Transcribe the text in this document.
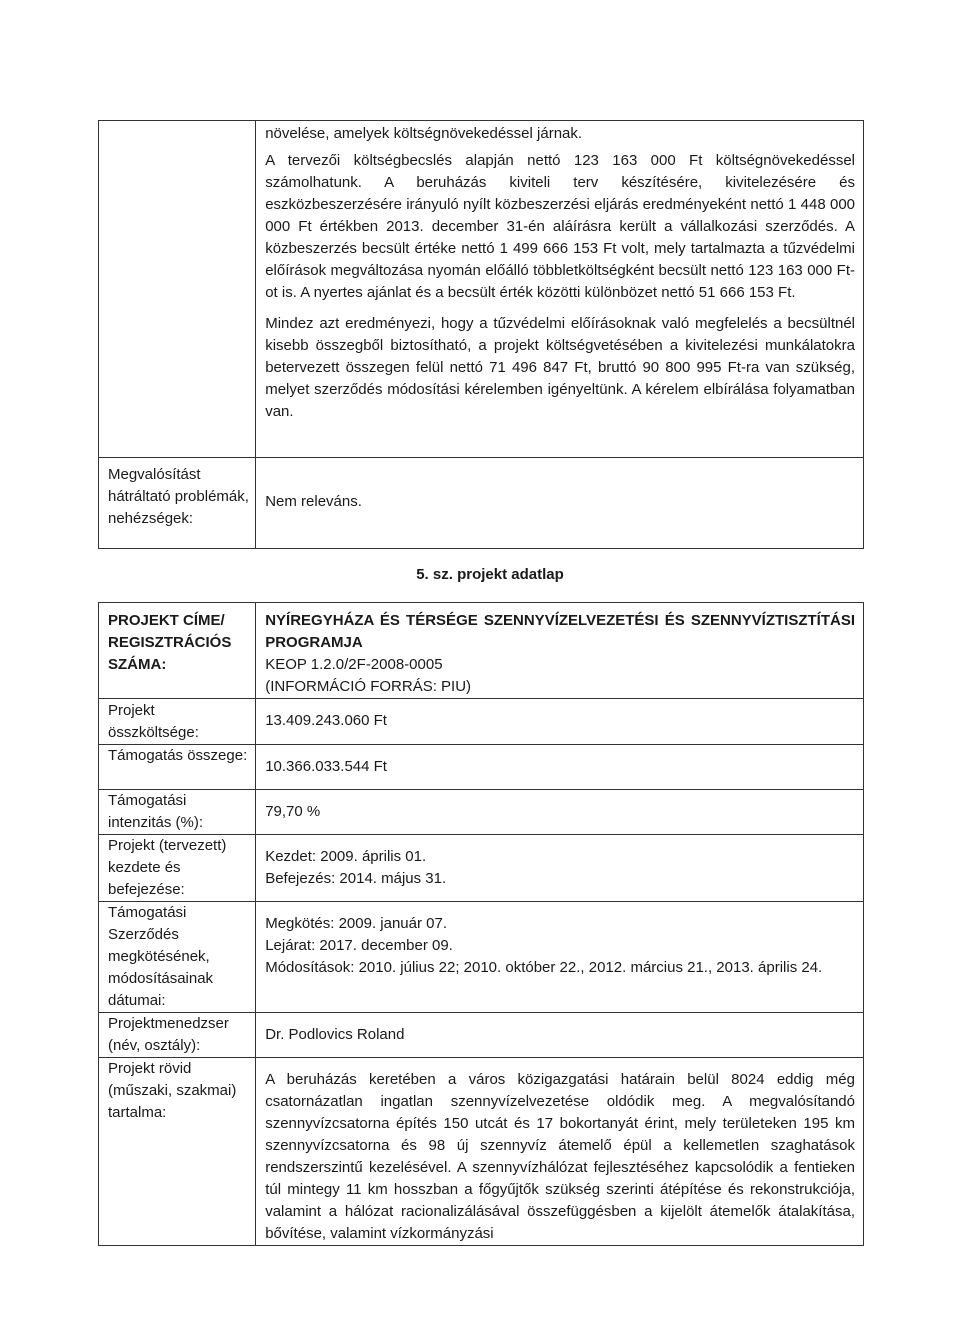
	növelése, amelyek költségnövekedéssel járnak.

A tervezői költségbecslés alapján nettó 123 163 000 Ft költségnövekedéssel számolhatunk. A beruházás kiviteli terv készítésére, kivitelezésére és eszközbeszerzésére irányuló nyílt közbeszerzési eljárás eredményeként nettó 1 448 000 000 Ft értékben 2013. december 31-én aláírásra került a vállalkozási szerződés. A közbeszerzés becsült értéke nettó 1 499 666 153 Ft volt, mely tartalmazta a tűzvédelmi előírások megváltozása nyomán előálló többletköltségként becsült nettó 123 163 000 Ft-ot is. A nyertes ajánlat és a becsült érték közötti különbözet nettó 51 666 153 Ft.

Mindez azt eredményezi, hogy a tűzvédelmi előírásoknak való megfelelés a becsültnél kisebb összegből biztosítható, a projekt költségvetésében a kivitelezési munkálatokra betervezett összegen felül nettó 71 496 847 Ft, bruttó 90 800 995 Ft-ra van szükség, melyet szerződés módosítási kérelemben igényeltünk. A kérelem elbírálása folyamatban van.

Megvalósítást hátráltató problémák, nehézségek:	Nem releváns.
5. sz. projekt adatlap
PROJEKT CÍME/ REGISZTRÁCIÓS SZÁMA:	NYÍREGYHÁZA ÉS TÉRSÉGE SZENNYVÍZELVEZETÉSI ÉS SZENNYVÍZTISZTÍTÁSI PROGRAMJA

KEOP 1.2.0/2F-2008-0005

(INFORMÁCIÓ FORRÁS: PIU)

Projekt összköltsége:	13.409.243.060 Ft

Támogatás összege:	10.366.033.544 Ft

Támogatási intenzitás (%):	79,70 %

Projekt (tervezett) kezdete és befejezése:	Kezdet: 2009. április 01.

Befejezés: 2014. május 31.

Támogatási Szerződés megkötésének, módosításainak dátumai:	Megkötés: 2009. január 07.

Lejárat: 2017. december 09.

Módosítások: 2010. július 22; 2010. október 22., 2012. március 21., 2013. április 24.

Projektmenedzser (név, osztály):	Dr. Podlovics Roland

Projekt rövid (műszaki, szakmai) tartalma:	A beruházás keretében a város közigazgatási határain belül 8024 eddig még csatornázatlan ingatlan szennyvízelvezetése oldódik meg. A megvalósítandó szennyvízcsatorna építés 150 utcát és 17 bokortanyát érint, mely területeken 195 km szennyvízcsatorna és 98 új szennyvíz átemelő épül a kellemetlen szaghatások rendszerszintű kezelésével. A szennyvízhálózat fejlesztéséhez kapcsolódik a fentieken túl mintegy 11 km hosszban a főgyűjtők szükség szerinti átépítése és rekonstrukciója, valamint a hálózat racionalizálásával összefüggésben a kijelölt átemelők átalakítása, bővítése, valamint vízkormányzási
